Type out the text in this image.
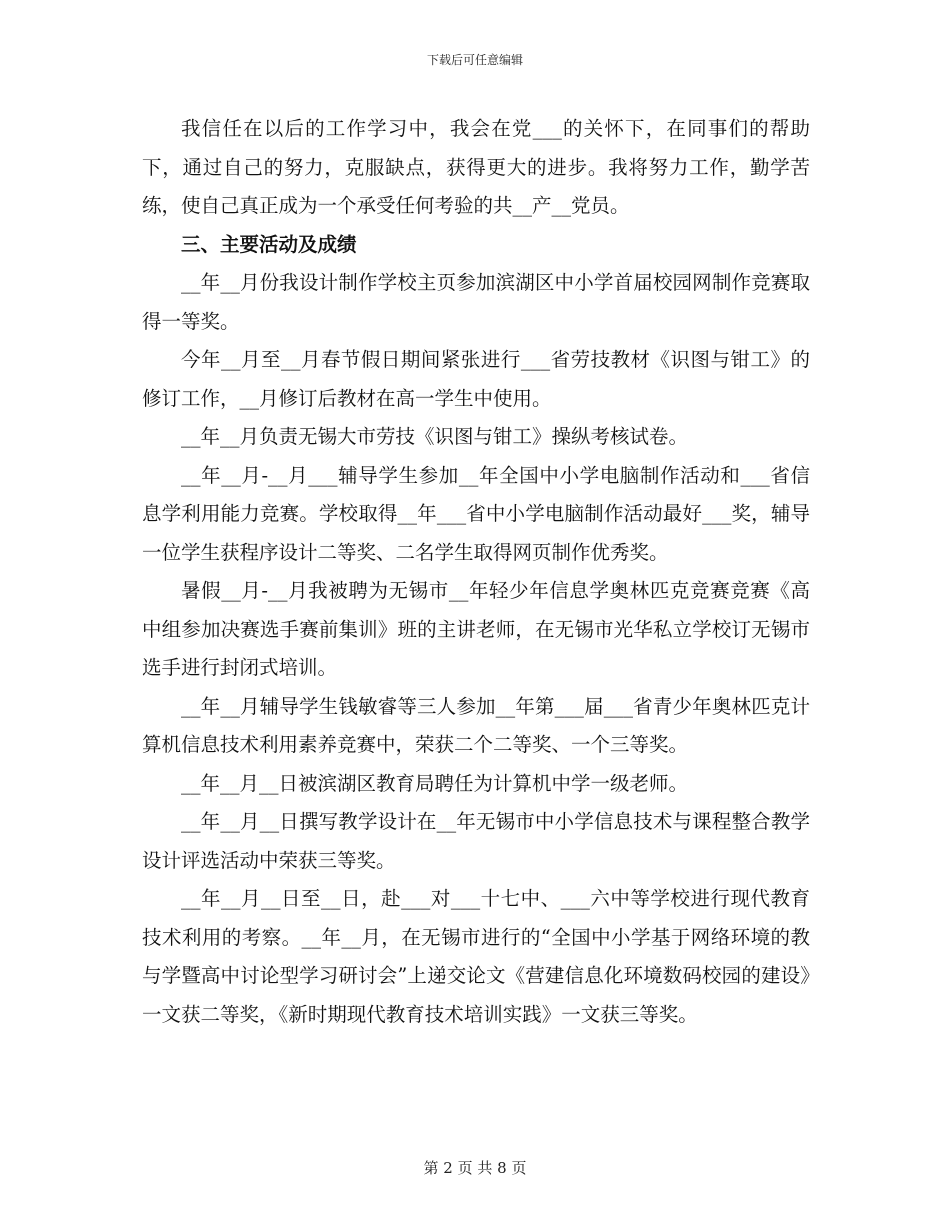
下载后可任意编辑

我信任在以后的工作学习中，我会在党___的关怀下，在同事们的帮助下，通过自己的努力，克服缺点，获得更大的进步。我将努力工作，勤学苦练，使自己真正成为一个承受任何考验的共__产__党员。

三、主要活动及成绩

__年__月份我设计制作学校主页参加滨湖区中小学首届校园网制作竞赛取得一等奖。

今年__月至__月春节假日期间紧张进行___省劳技教材《识图与钳工》的修订工作，__月修订后教材在高一学生中使用。

__年__月负责无锡大市劳技《识图与钳工》操纵考核试卷。

__年__月-__月___辅导学生参加__年全国中小学电脑制作活动和___省信息学利用能力竞赛。学校取得__年___省中小学电脑制作活动最好___奖，辅导一位学生获程序设计二等奖、二名学生取得网页制作优秀奖。

暑假__月-__月我被聘为无锡市__年轻少年信息学奥林匹克竞赛竞赛《高中组参加决赛选手赛前集训》班的主讲老师，在无锡市光华私立学校订无锡市选手进行封闭式培训。

__年__月辅导学生钱敏睿等三人参加__年第___届___省青少年奥林匹克计算机信息技术利用素养竞赛中，荣获二个二等奖、一个三等奖。

__年__月__日被滨湖区教育局聘任为计算机中学一级老师。

__年__月__日撰写教学设计在__年无锡市中小学信息技术与课程整合教学设计评选活动中荣获三等奖。

__年__月__日至__日，赴___对___十七中、___六中等学校进行现代教育技术利用的考察。__年__月，在无锡市进行的“全国中小学基于网络环境的教与学暨高中讨论型学习研讨会”上递交论文《营建信息化环境数码校园的建设》一文获二等奖，《新时期现代教育技术培训实践》一文获三等奖。

第 2 页 共 8 页
